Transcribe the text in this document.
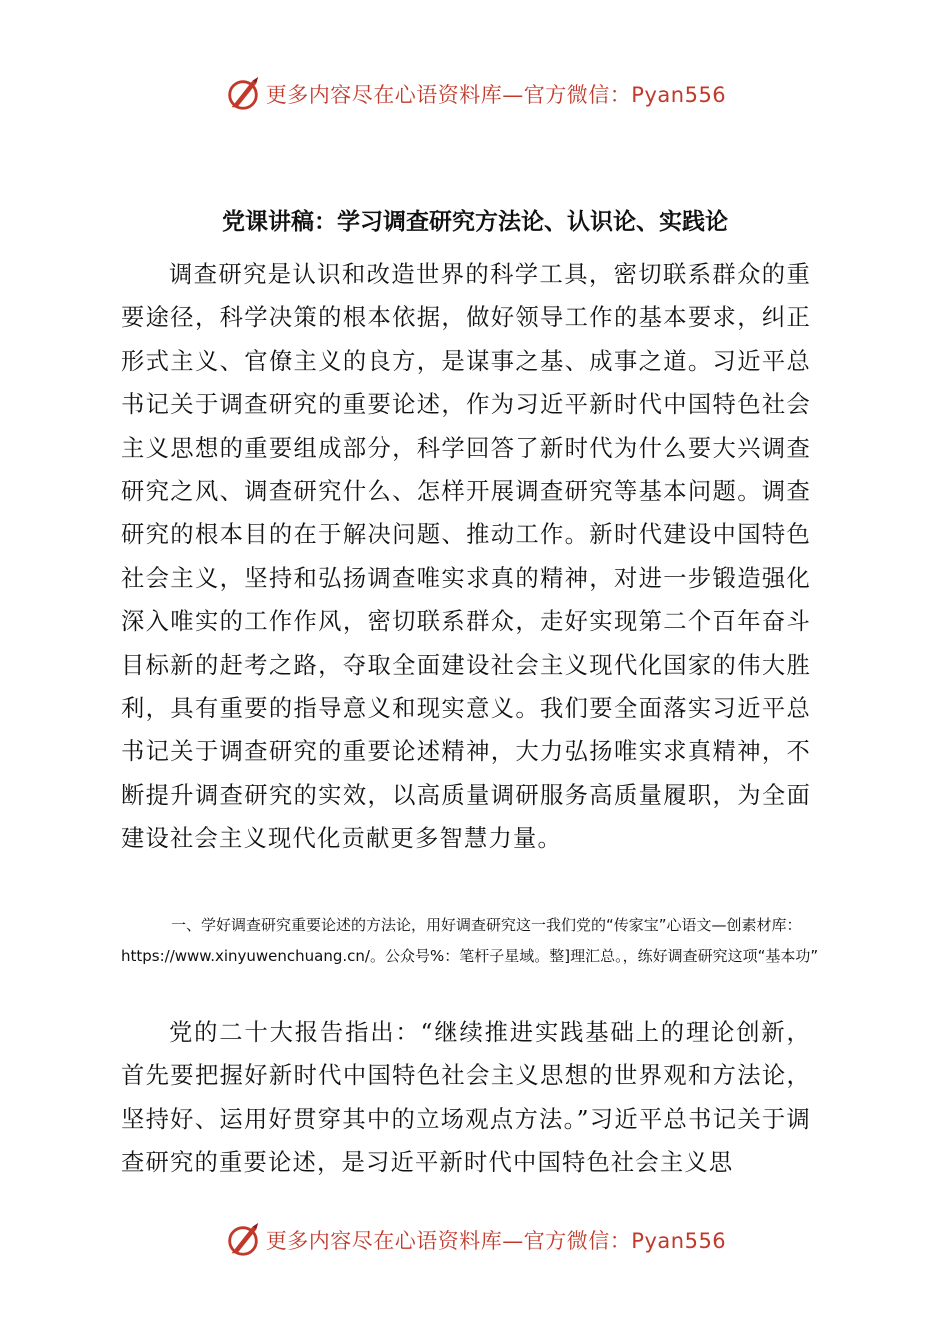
更多内容尽在心语资料库—官方微信：Pyan556
党课讲稿：学习调查研究方法论、认识论、实践论

调查研究是认识和改造世界的科学工具，密切联系群众的重要途径，科学决策的根本依据，做好领导工作的基本要求，纠正形式主义、官僚主义的良方，是谋事之基、成事之道。习近平总书记关于调查研究的重要论述，作为习近平新时代中国特色社会主义思想的重要组成部分，科学回答了新时代为什么要大兴调查研究之风、调查研究什么、怎样开展调查研究等基本问题。调查研究的根本目的在于解决问题、推动工作。新时代建设中国特色社会主义，坚持和弘扬调查唯实求真的精神，对进一步锻造强化深入唯实的工作作风，密切联系群众，走好实现第二个百年奋斗目标新的赶考之路，夺取全面建设社会主义现代化国家的伟大胜利，具有重要的指导意义和现实意义。我们要全面落实习近平总书记关于调查研究的重要论述精神，大力弘扬唯实求真精神，不断提升调查研究的实效，以高质量调研服务高质量履职，为全面建设社会主义现代化贡献更多智慧力量。

一、学好调查研究重要论述的方法论，用好调查研究这一我们党的“传家宝”心语文—创素材库：https://www.xinyuwenchuang.cn/。公众号%：笔杆子星域。整]理汇总。，练好调查研究这项“基本功”

党的二十大报告指出：“继续推进实践基础上的理论创新，首先要把握好新时代中国特色社会主义思想的世界观和方法论，坚持好、运用好贯穿其中的立场观点方法。”习近平总书记关于调查研究的重要论述，是习近平新时代中国特色社会主义思

更多内容尽在心语资料库—官方微信：Pyan556
